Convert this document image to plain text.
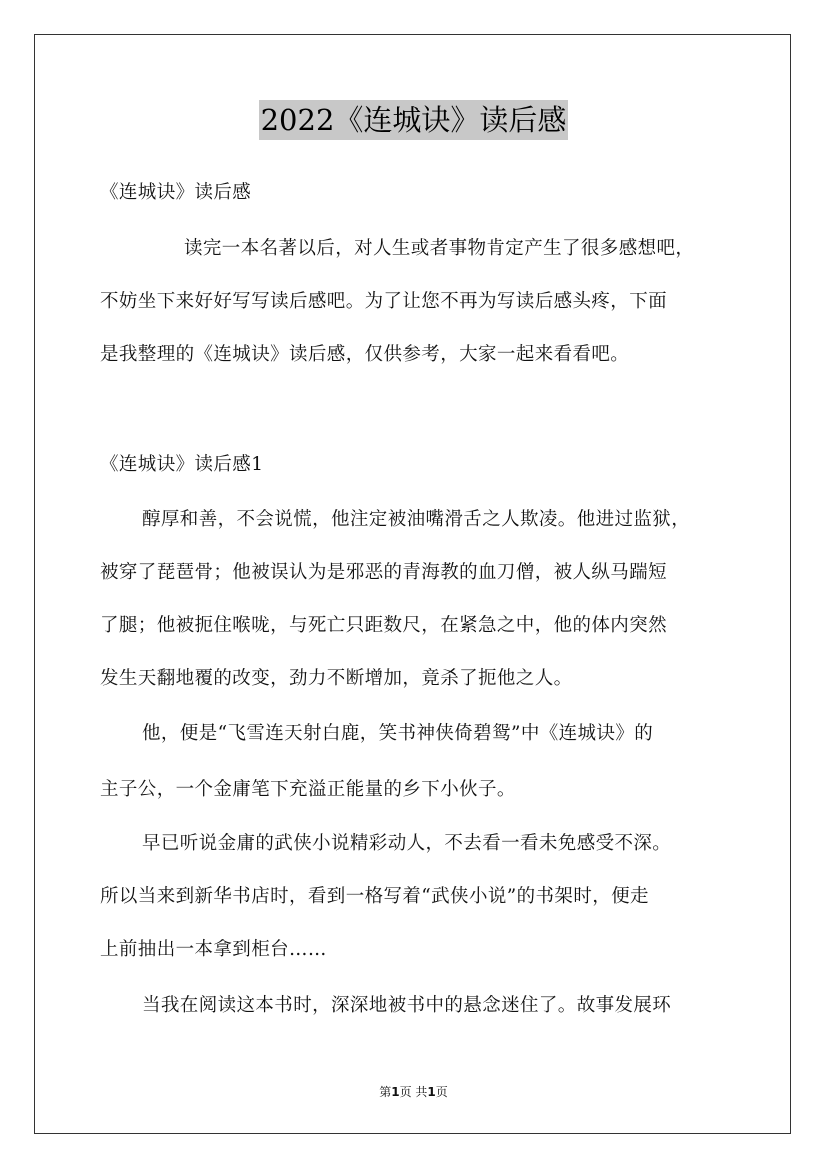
2022《连城诀》读后感
《连城诀》读后感
读完一本名著以后，对人生或者事物肯定产生了很多感想吧，
不妨坐下来好好写写读后感吧。为了让您不再为写读后感头疼，下面
是我整理的《连城诀》读后感，仅供参考，大家一起来看看吧。
《连城诀》读后感1
醇厚和善，不会说慌，他注定被油嘴滑舌之人欺凌。他进过监狱，
被穿了琵琶骨；他被误认为是邪恶的青海教的血刀僧，被人纵马踹短
了腿；他被扼住喉咙，与死亡只距数尺，在紧急之中，他的体内突然
发生天翻地覆的改变，劲力不断增加，竟杀了扼他之人。
他，便是“飞雪连天射白鹿，笑书神侠倚碧鸳”中《连城诀》的
主子公，一个金庸笔下充溢正能量的乡下小伙子。
早已听说金庸的武侠小说精彩动人，不去看一看未免感受不深。
所以当来到新华书店时，看到一格写着“武侠小说”的书架时，便走
上前抽出一本拿到柜台……
当我在阅读这本书时，深深地被书中的悬念迷住了。故事发展环
第1页 共1页
